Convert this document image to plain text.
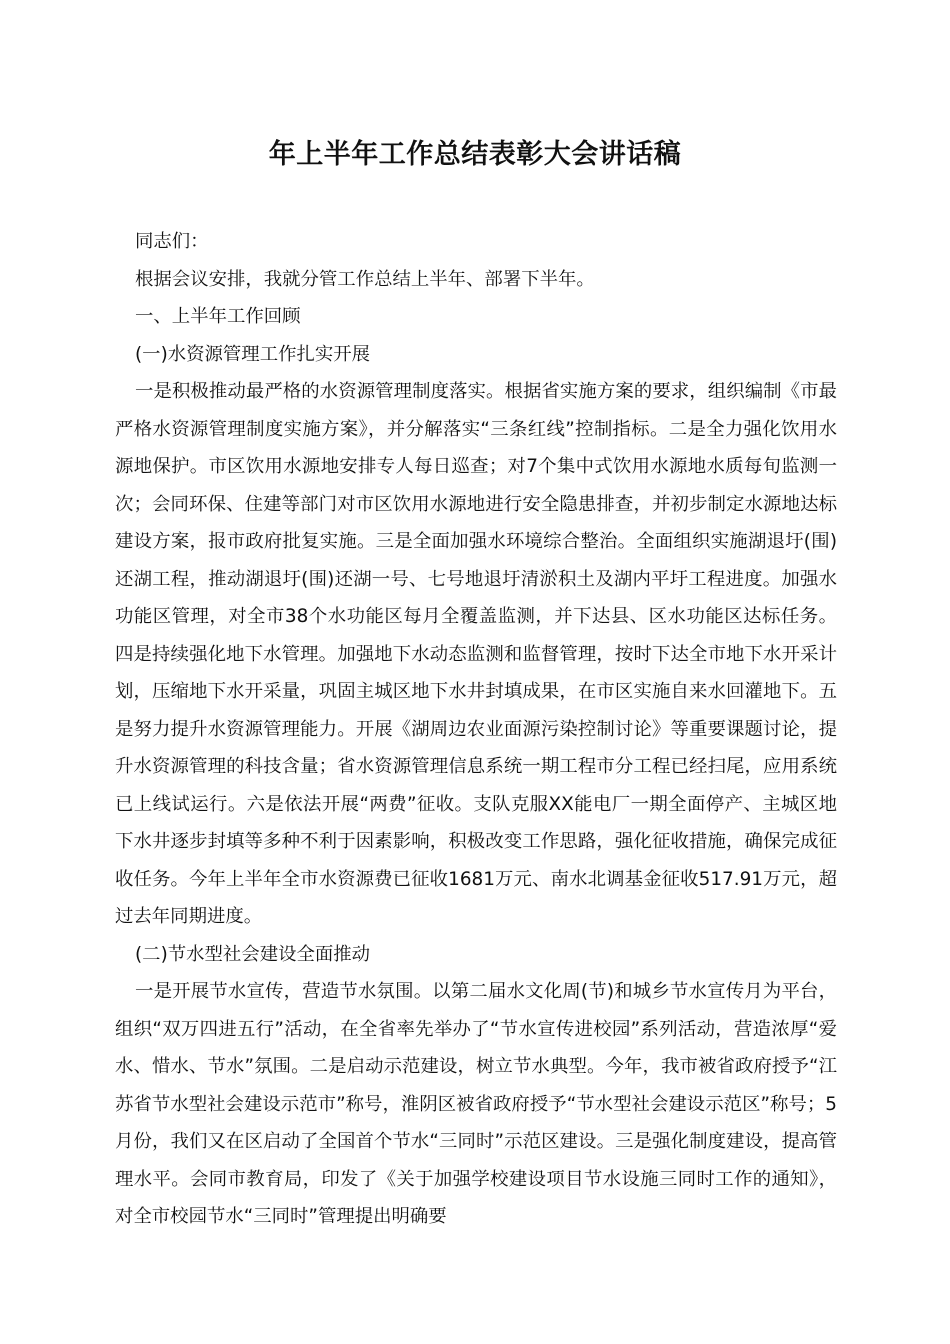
年上半年工作总结表彰大会讲话稿

同志们：

根据会议安排，我就分管工作总结上半年、部署下半年。

一、上半年工作回顾

(一)水资源管理工作扎实开展

一是积极推动最严格的水资源管理制度落实。根据省实施方案的要求，组织编制《市最严格水资源管理制度实施方案》，并分解落实“三条红线”控制指标。二是全力强化饮用水源地保护。市区饮用水源地安排专人每日巡查；对7个集中式饮用水源地水质每旬监测一次；会同环保、住建等部门对市区饮用水源地进行安全隐患排查，并初步制定水源地达标建设方案，报市政府批复实施。三是全面加强水环境综合整治。全面组织实施湖退圩(围)还湖工程，推动湖退圩(围)还湖一号、七号地退圩清淤积土及湖内平圩工程进度。加强水功能区管理，对全市38个水功能区每月全覆盖监测，并下达县、区水功能区达标任务。四是持续强化地下水管理。加强地下水动态监测和监督管理，按时下达全市地下水开采计划，压缩地下水开采量，巩固主城区地下水井封填成果，在市区实施自来水回灌地下。五是努力提升水资源管理能力。开展《湖周边农业面源污染控制讨论》等重要课题讨论，提升水资源管理的科技含量；省水资源管理信息系统一期工程市分工程已经扫尾，应用系统已上线试运行。六是依法开展“两费”征收。支队克服XX能电厂一期全面停产、主城区地下水井逐步封填等多种不利于因素影响，积极改变工作思路，强化征收措施，确保完成征收任务。今年上半年全市水资源费已征收1681万元、南水北调基金征收517.91万元，超过去年同期进度。

(二)节水型社会建设全面推动

一是开展节水宣传，营造节水氛围。以第二届水文化周(节)和城乡节水宣传月为平台，组织“双万四进五行”活动，在全省率先举办了“节水宣传进校园”系列活动，营造浓厚“爱水、惜水、节水”氛围。二是启动示范建设，树立节水典型。今年，我市被省政府授予“江苏省节水型社会建设示范市”称号，淮阴区被省政府授予“节水型社会建设示范区”称号；5月份，我们又在区启动了全国首个节水“三同时”示范区建设。三是强化制度建设，提高管理水平。会同市教育局，印发了《关于加强学校建设项目节水设施三同时工作的通知》，对全市校园节水“三同时”管理提出明确要
